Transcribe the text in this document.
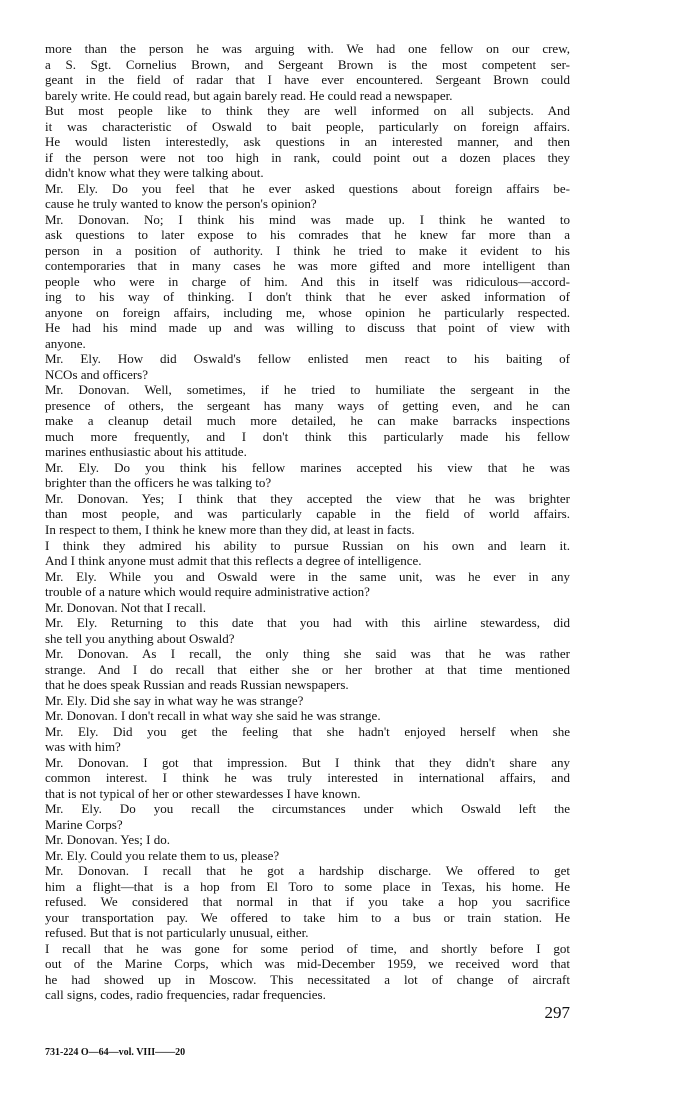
more than the person he was arguing with. We had one fellow on our crew,
a S. Sgt. Cornelius Brown, and Sergeant Brown is the most competent ser-
geant in the field of radar that I have ever encountered. Sergeant Brown could
barely write. He could read, but again barely read. He could read a newspaper.
But most people like to think they are well informed on all subjects. And
it was characteristic of Oswald to bait people, particularly on foreign affairs.
He would listen interestedly, ask questions in an interested manner, and then
if the person were not too high in rank, could point out a dozen places they
didn't know what they were talking about.
Mr. Ely. Do you feel that he ever asked questions about foreign affairs be-
cause he truly wanted to know the person's opinion?
Mr. Donovan. No; I think his mind was made up. I think he wanted to
ask questions to later expose to his comrades that he knew far more than a
person in a position of authority. I think he tried to make it evident to his
contemporaries that in many cases he was more gifted and more intelligent than
people who were in charge of him. And this in itself was ridiculous—accord-
ing to his way of thinking. I don't think that he ever asked information of
anyone on foreign affairs, including me, whose opinion he particularly respected.
He had his mind made up and was willing to discuss that point of view with
anyone.
Mr. Ely. How did Oswald's fellow enlisted men react to his baiting of
NCOs and officers?
Mr. Donovan. Well, sometimes, if he tried to humiliate the sergeant in the
presence of others, the sergeant has many ways of getting even, and he can
make a cleanup detail much more detailed, he can make barracks inspections
much more frequently, and I don't think this particularly made his fellow
marines enthusiastic about his attitude.
Mr. Ely. Do you think his fellow marines accepted his view that he was
brighter than the officers he was talking to?
Mr. Donovan. Yes; I think that they accepted the view that he was brighter
than most people, and was particularly capable in the field of world affairs.
In respect to them, I think he knew more than they did, at least in facts.
I think they admired his ability to pursue Russian on his own and learn it.
And I think anyone must admit that this reflects a degree of intelligence.
Mr. Ely. While you and Oswald were in the same unit, was he ever in any
trouble of a nature which would require administrative action?
Mr. Donovan. Not that I recall.
Mr. Ely. Returning to this date that you had with this airline stewardess, did
she tell you anything about Oswald?
Mr. Donovan. As I recall, the only thing she said was that he was rather
strange. And I do recall that either she or her brother at that time mentioned
that he does speak Russian and reads Russian newspapers.
Mr. Ely. Did she say in what way he was strange?
Mr. Donovan. I don't recall in what way she said he was strange.
Mr. Ely. Did you get the feeling that she hadn't enjoyed herself when she
was with him?
Mr. Donovan. I got that impression. But I think that they didn't share any
common interest. I think he was truly interested in international affairs, and
that is not typical of her or other stewardesses I have known.
Mr. Ely. Do you recall the circumstances under which Oswald left the
Marine Corps?
Mr. Donovan. Yes; I do.
Mr. Ely. Could you relate them to us, please?
Mr. Donovan. I recall that he got a hardship discharge. We offered to get
him a flight—that is a hop from El Toro to some place in Texas, his home. He
refused. We considered that normal in that if you take a hop you sacrifice
your transportation pay. We offered to take him to a bus or train station. He
refused. But that is not particularly unusual, either.
I recall that he was gone for some period of time, and shortly before I got
out of the Marine Corps, which was mid-December 1959, we received word that
he had showed up in Moscow. This necessitated a lot of change of aircraft
call signs, codes, radio frequencies, radar frequencies.
297
731-224 O—64—vol. VIII——20
